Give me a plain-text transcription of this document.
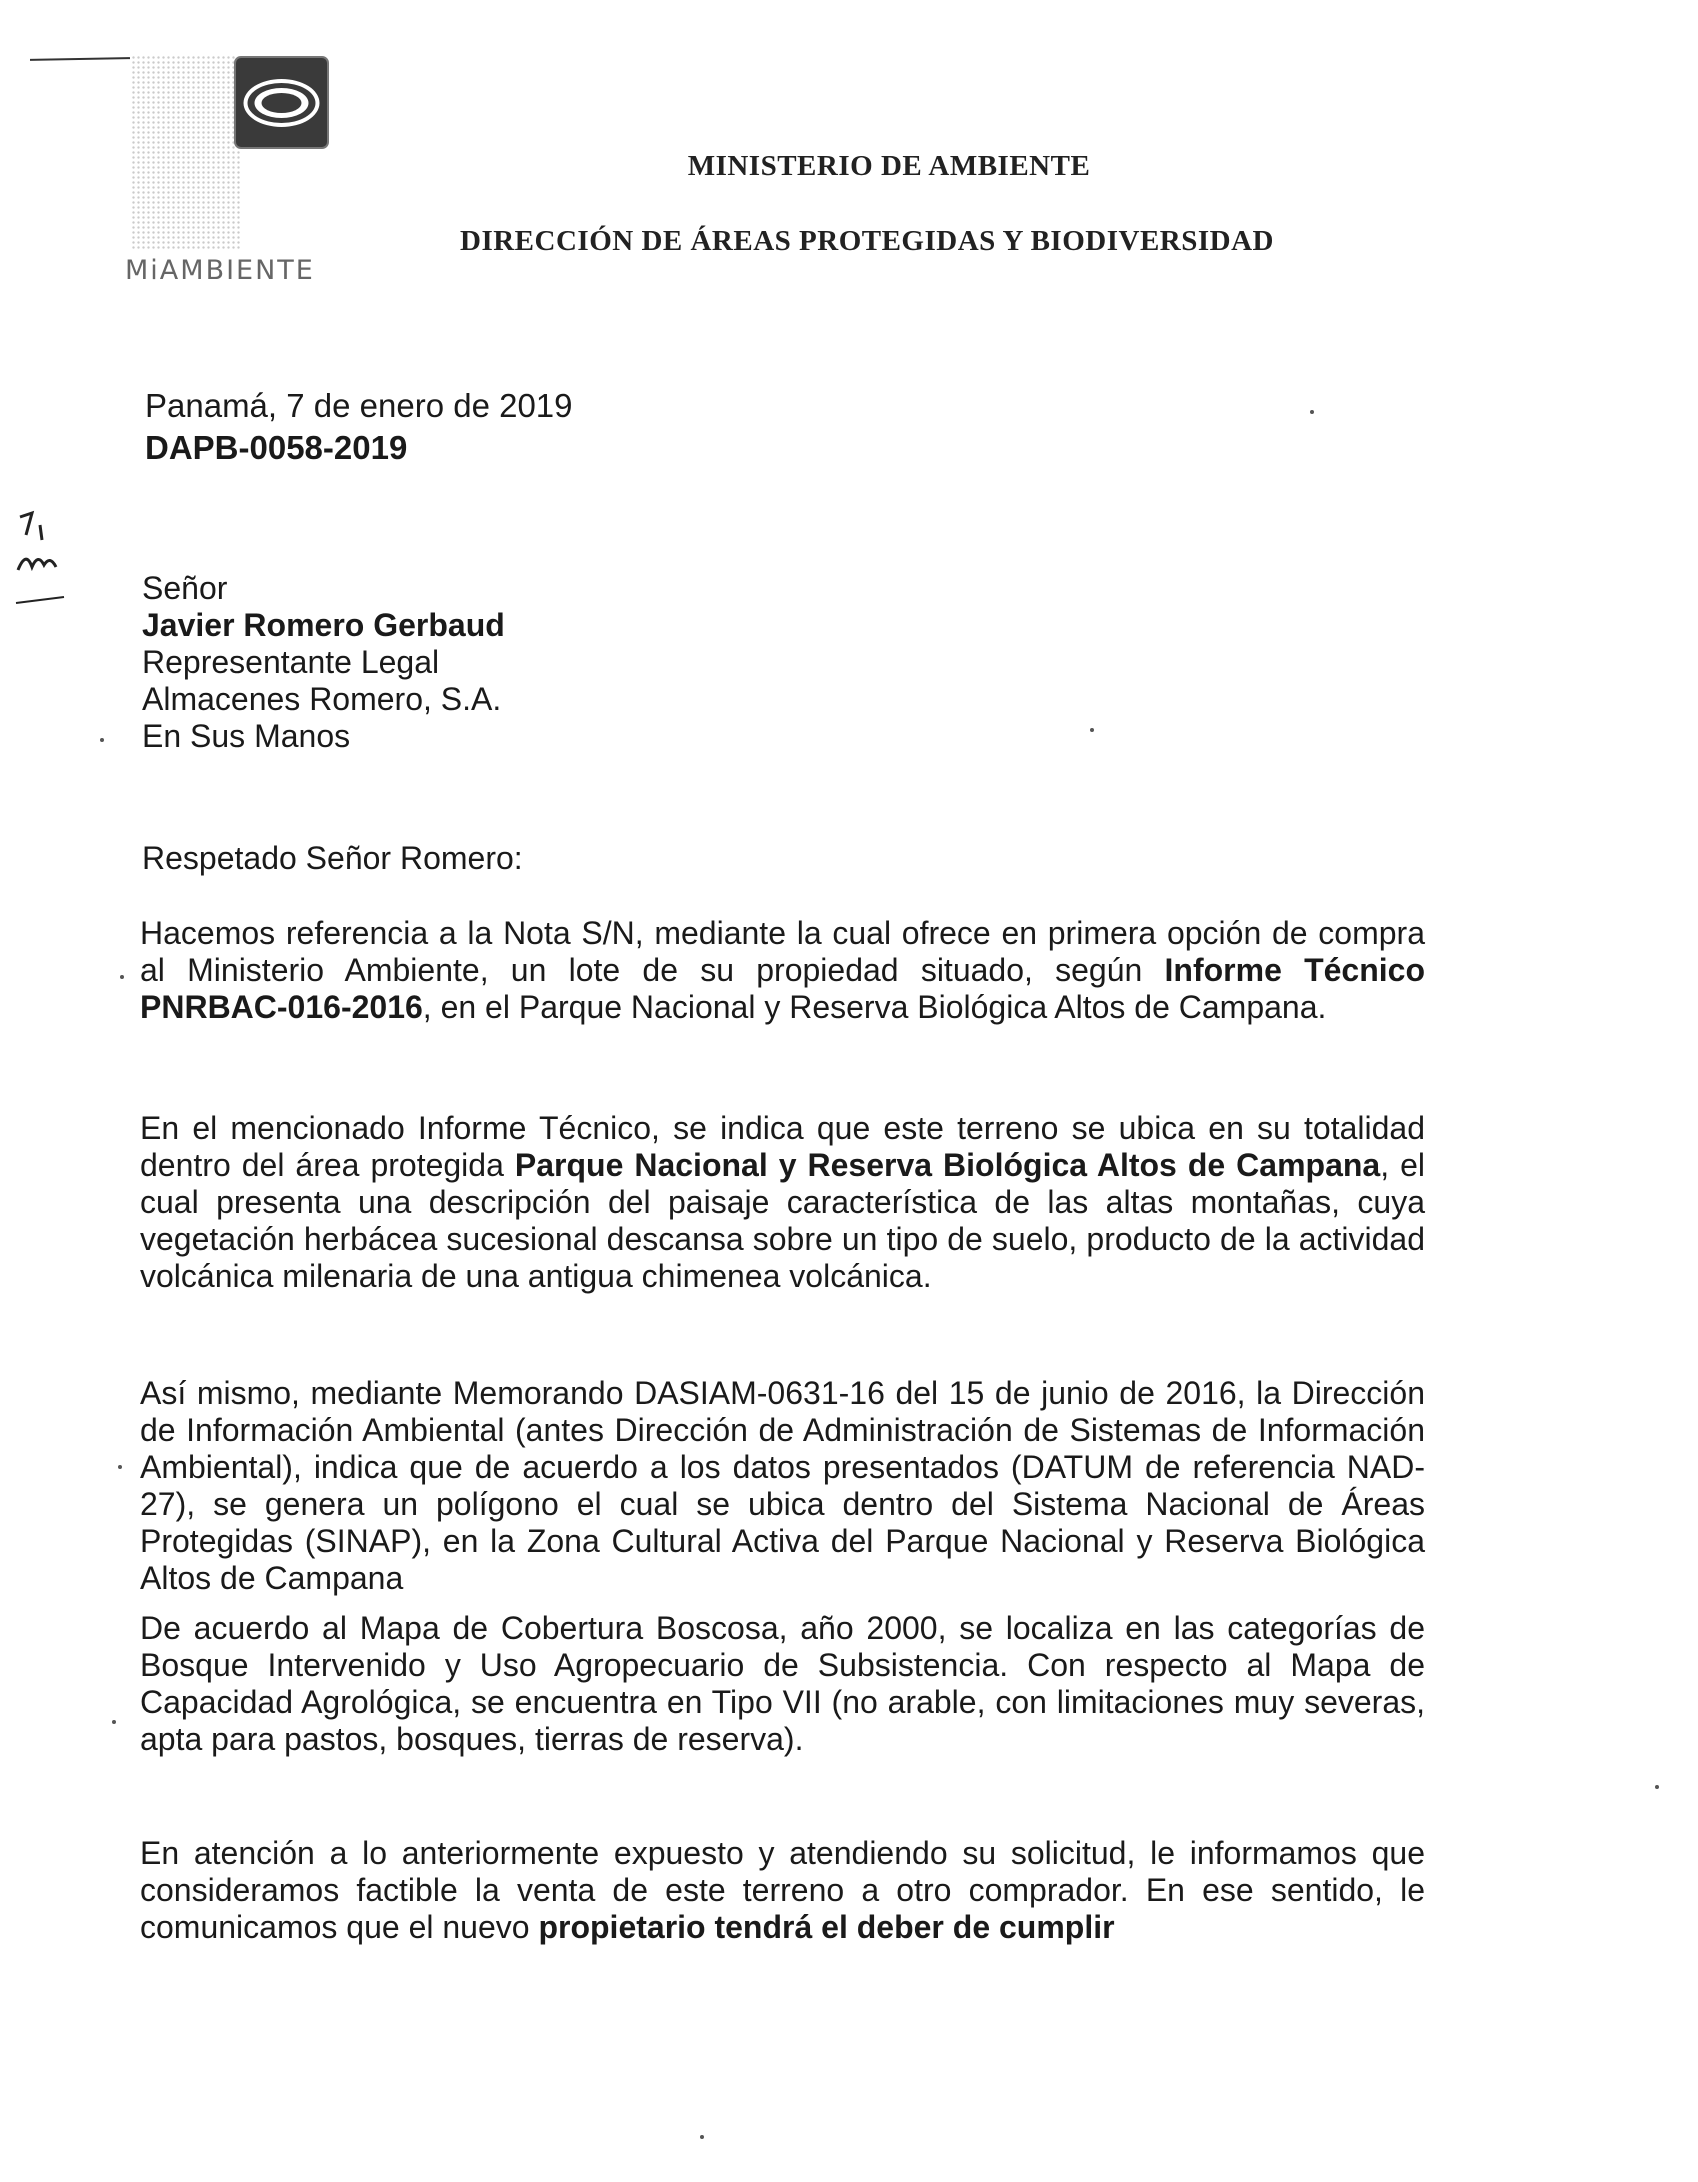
MiAMBIENTE
MINISTERIO DE AMBIENTE
DIRECCIÓN DE ÁREAS PROTEGIDAS Y BIODIVERSIDAD
Panamá, 7 de enero de 2019
DAPB-0058-2019
Señor
Javier Romero Gerbaud
Representante Legal
Almacenes Romero, S.A.
En Sus Manos
Respetado Señor Romero:

Hacemos referencia a la Nota S/N, mediante la cual ofrece en primera opción de compra al Ministerio Ambiente, un lote de su propiedad situado, según Informe Técnico PNRBAC-016-2016, en el Parque Nacional y Reserva Biológica Altos de Campana.

En el mencionado Informe Técnico, se indica que este terreno se ubica en su totalidad dentro del área protegida Parque Nacional y Reserva Biológica Altos de Campana, el cual presenta una descripción del paisaje característica de las altas montañas, cuya vegetación herbácea sucesional descansa sobre un tipo de suelo, producto de la actividad volcánica milenaria de una antigua chimenea volcánica.

Así mismo, mediante Memorando DASIAM-0631-16 del 15 de junio de 2016, la Dirección de Información Ambiental (antes Dirección de Administración de Sistemas de Información Ambiental), indica que de acuerdo a los datos presentados (DATUM de referencia NAD-27), se genera un polígono el cual se ubica dentro del Sistema Nacional de Áreas Protegidas (SINAP), en la Zona Cultural Activa del Parque Nacional y Reserva Biológica Altos de Campana

De acuerdo al Mapa de Cobertura Boscosa, año 2000, se localiza en las categorías de Bosque Intervenido y Uso Agropecuario de Subsistencia. Con respecto al Mapa de Capacidad Agrológica, se encuentra en Tipo VII (no arable, con limitaciones muy severas, apta para pastos, bosques, tierras de reserva).

En atención a lo anteriormente expuesto y atendiendo su solicitud, le informamos que consideramos factible la venta de este terreno a otro comprador. En ese sentido, le comunicamos que el nuevo propietario tendrá el deber de cumplir
